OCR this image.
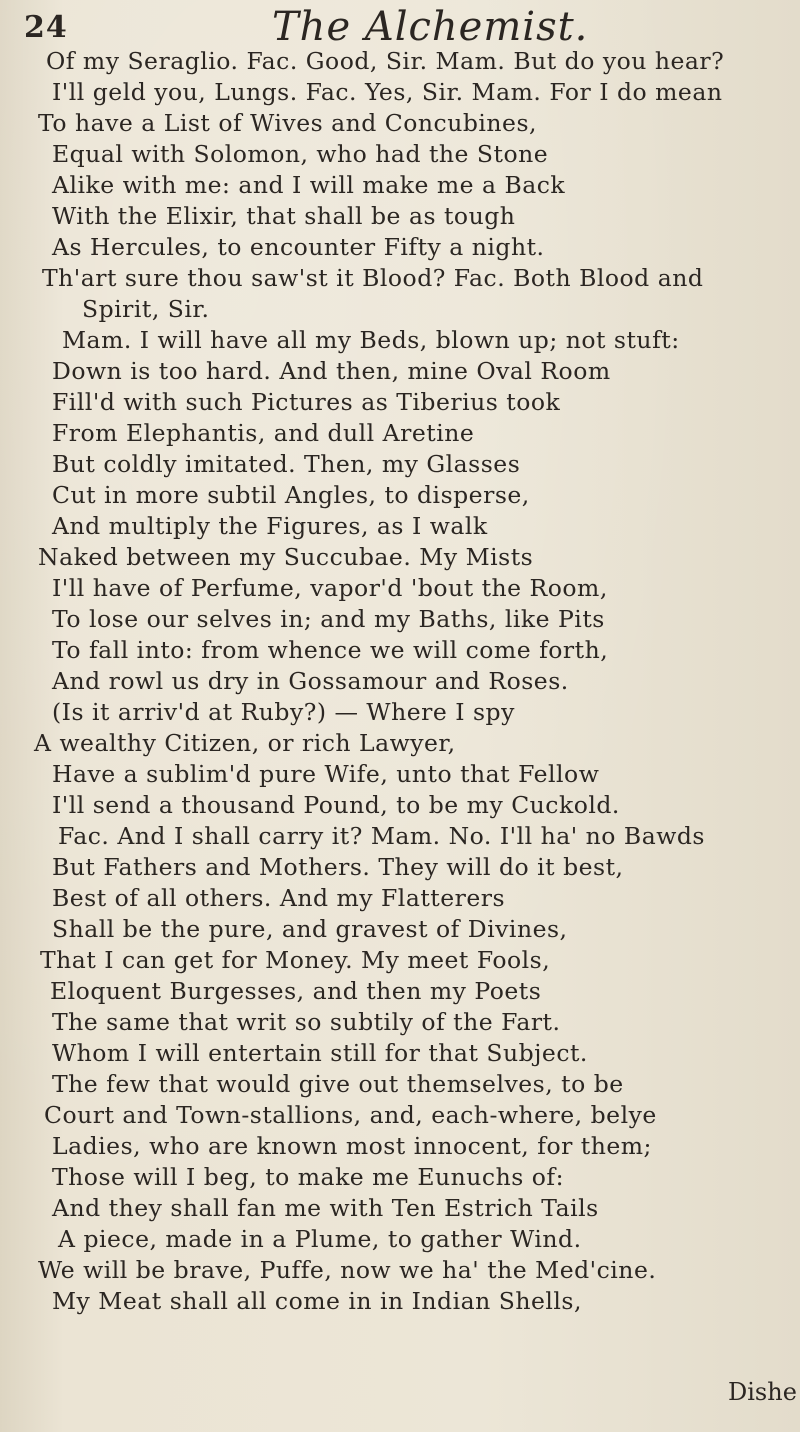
24	The Alchemist.
Of my Seraglio. Fac. Good, Sir. Mam. But do you hear?
I'll geld you, Lungs. Fac. Yes, Sir. Mam. For I do mean
To have a List of Wives and Concubines,
Equal with Solomon, who had the Stone
Alike with me: and I will make me a Back
With the Elixir, that shall be as tough
As Hercules, to encounter Fifty a night.
Th'art sure thou saw'st it Blood? Fac. Both Blood and
Spirit, Sir.
Mam. I will have all my Beds, blown up; not stuft:
Down is too hard. And then, mine Oval Room
Fill'd with such Pictures as Tiberius took
From Elephantis, and dull Aretine
But coldly imitated. Then, my Glasses
Cut in more subtil Angles, to disperse,
And multiply the Figures, as I walk
Naked between my Succubae. My Mists
I'll have of Perfume, vapor'd 'bout the Room,
To lose our selves in; and my Baths, like Pits
To fall into: from whence we will come forth,
And rowl us dry in Gossamour and Roses.
(Is it arriv'd at Ruby?) — Where I spy
A wealthy Citizen, or rich Lawyer,
Have a sublim'd pure Wife, unto that Fellow
I'll send a thousand Pound, to be my Cuckold.
Fac. And I shall carry it? Mam. No. I'll ha' no Bawds
But Fathers and Mothers. They will do it best,
Best of all others. And my Flatterers
Shall be the pure, and gravest of Divines,
That I can get for Money. My meet Fools,
Eloquent Burgesses, and then my Poets
The same that writ so subtily of the Fart.
Whom I will entertain still for that Subject.
The few that would give out themselves, to be
Court and Town-stallions, and, each-where, belye
Ladies, who are known most innocent, for them;
Those will I beg, to make me Eunuchs of:
And they shall fan me with Ten Estrich Tails
A piece, made in a Plume, to gather Wind.
We will be brave, Puffe, now we ha' the Med'cine.
My Meat shall all come in in Indian Shells,
Dishe
